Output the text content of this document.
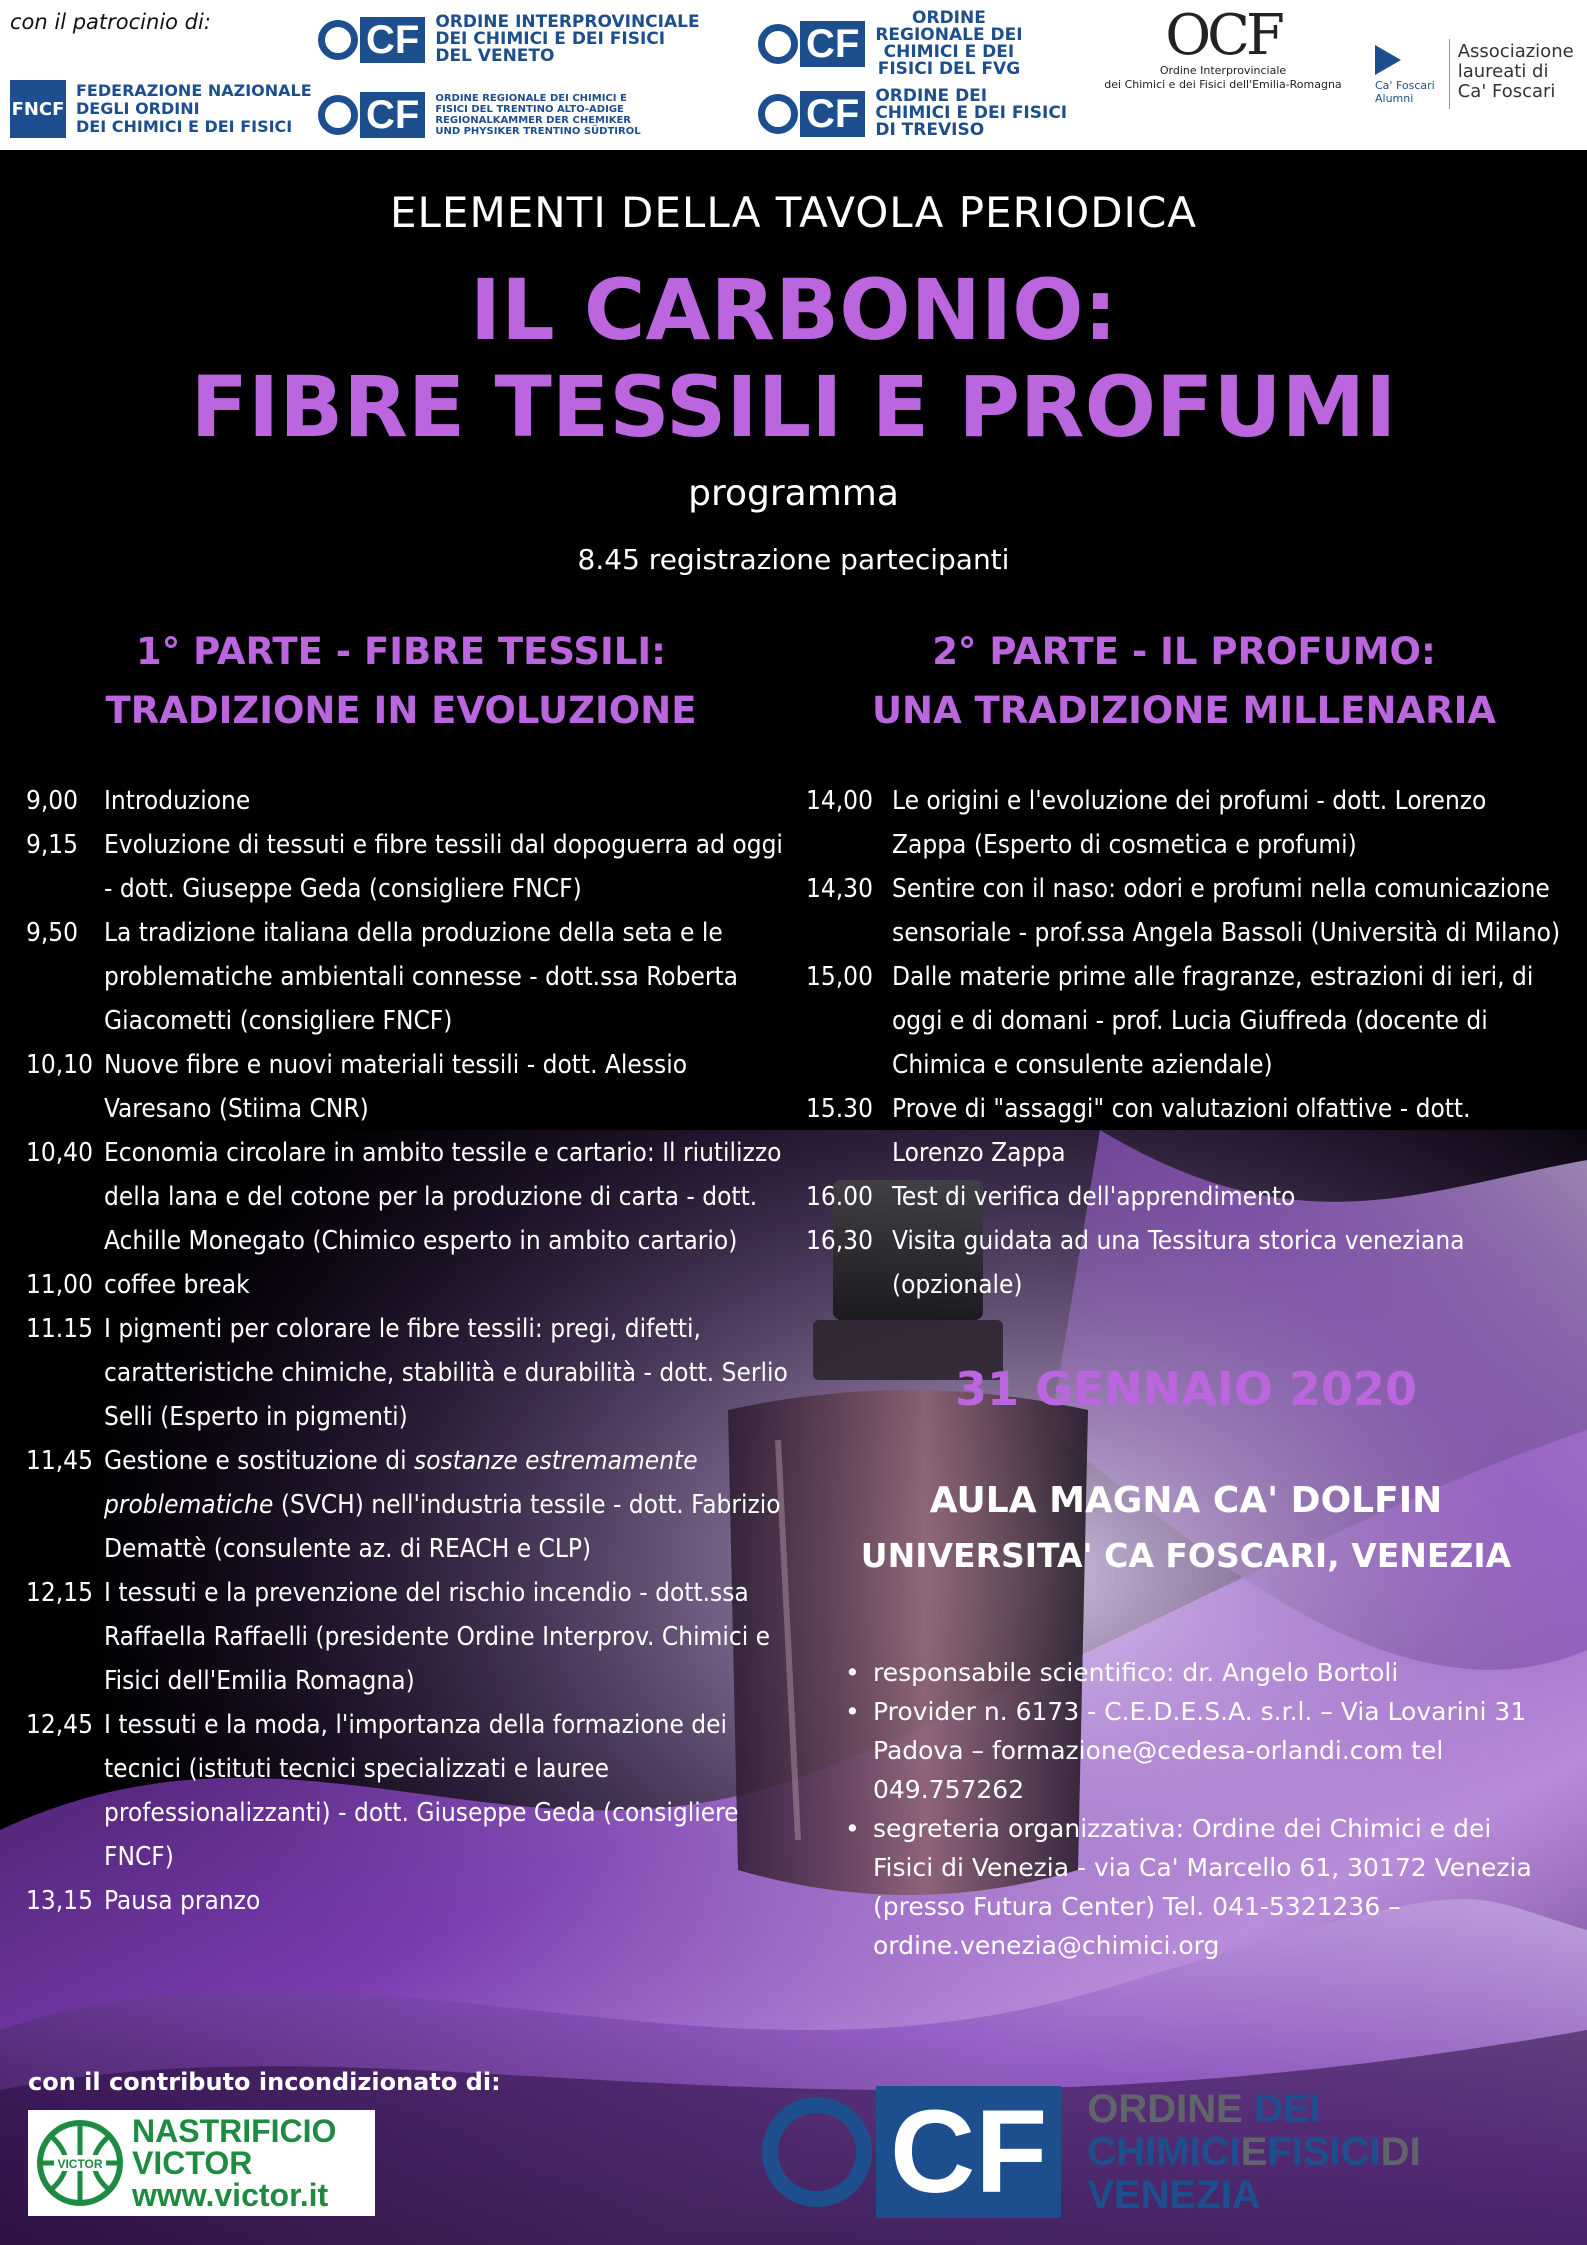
con il patrocinio di:
FNCF
FEDERAZIONE NAZIONALE
DEGLI ORDINI
DEI CHIMICI E DEI FISICI
CF ORDINE INTERPROVINCIALE
DEI CHIMICI E DEI FISICI
DEL VENETO
CF	ORDINE REGIONALE DEI CHIMICI E
FISICI DEL TRENTINO ALTO-ADIGE
REGIONALKAMMER DER CHEMIKER
UND PHYSIKER TRENTINO SÜDTIROL
CF
ORDINE
REGIONALE DEI
CHIMICI E DEI
FISICI DEL FVG
CF ORDINE DEI
CHIMICI E DEI FISICI
DI TREVISO
OCF
Ordine Interprovinciale
dei Chimici e dei Fisici dell'Emilia-Romagna	Ca' Foscari
Alumni
Associazione
laureati di
Ca' Foscari
ELEMENTI DELLA TAVOLA PERIODICA
IL CARBONIO:
FIBRE TESSILI E PROFUMI
programma
8.45 registrazione partecipanti
1° PARTE - FIBRE TESSILI:
TRADIZIONE IN EVOLUZIONE
2° PARTE - IL PROFUMO:
UNA TRADIZIONE MILLENARIA
9,00 Introduzione
9,15 Evoluzione di tessuti e fibre tessili dal dopoguerra ad oggi - dott. Giuseppe Geda (consigliere FNCF)
9,50 La tradizione italiana della produzione della seta e le problematiche ambientali connesse - dott.ssa Roberta Giacometti (consigliere FNCF)
10,10 Nuove fibre e nuovi materiali tessili - dott. Alessio Varesano (Stiima CNR)
10,40 Economia circolare in ambito tessile e cartario: Il riutilizzo della lana e del cotone per la produzione di carta - dott. Achille Monegato (Chimico esperto in ambito cartario)
11,00 coffee break
11.15 I pigmenti per colorare le fibre tessili: pregi, difetti, caratteristiche chimiche, stabilità e durabilità - dott. Serlio Selli (Esperto in pigmenti)
11,45 Gestione e sostituzione di sostanze estremamente problematiche (SVCH) nell'industria tessile - dott. Fabrizio Demattè (consulente az. di REACH e CLP)
12,15 I tessuti e la prevenzione del rischio incendio - dott.ssa Raffaella Raffaelli (presidente Ordine Interprov. Chimici e Fisici dell'Emilia Romagna)
12,45 I tessuti e la moda, l'importanza della formazione dei tecnici (istituti tecnici specializzati e lauree professionalizzanti) - dott. Giuseppe Geda (consigliere FNCF)
13,15 Pausa pranzo
14,00 Le origini e l'evoluzione dei profumi - dott. Lorenzo Zappa (Esperto di cosmetica e profumi)
14,30 Sentire con il naso: odori e profumi nella comunicazione sensoriale - prof.ssa Angela Bassoli (Università di Milano)
15,00 Dalle materie prime alle fragranze, estrazioni di ieri, di oggi e di domani - prof. Lucia Giuffreda (docente di Chimica e consulente aziendale)
15.30 Prove di "assaggi" con valutazioni olfattive - dott. Lorenzo Zappa
16.00 Test di verifica dell'apprendimento
16,30 Visita guidata ad una Tessitura storica veneziana (opzionale)
31 GENNAIO 2020
AULA MAGNA CA' DOLFIN
UNIVERSITA' CA FOSCARI, VENEZIA
• responsabile scientifico: dr. Angelo Bortoli
• Provider n. 6173 - C.E.D.E.S.A. s.r.l. – Via Lovarini 31 Padova – formazione@cedesa-orlandi.com tel 049.757262
• segreteria organizzativa: Ordine dei Chimici e dei Fisici di Venezia - via Ca' Marcello 61, 30172 Venezia (presso Futura Center) Tel. 041-5321236 – ordine.venezia@chimici.org
con il contributo incondizionato di:
VICTOR
NASTRIFICIO
VICTOR
www.victor.it	CF	ORDINE DEI
CHIMICIEFISICIDI
VENEZIA
